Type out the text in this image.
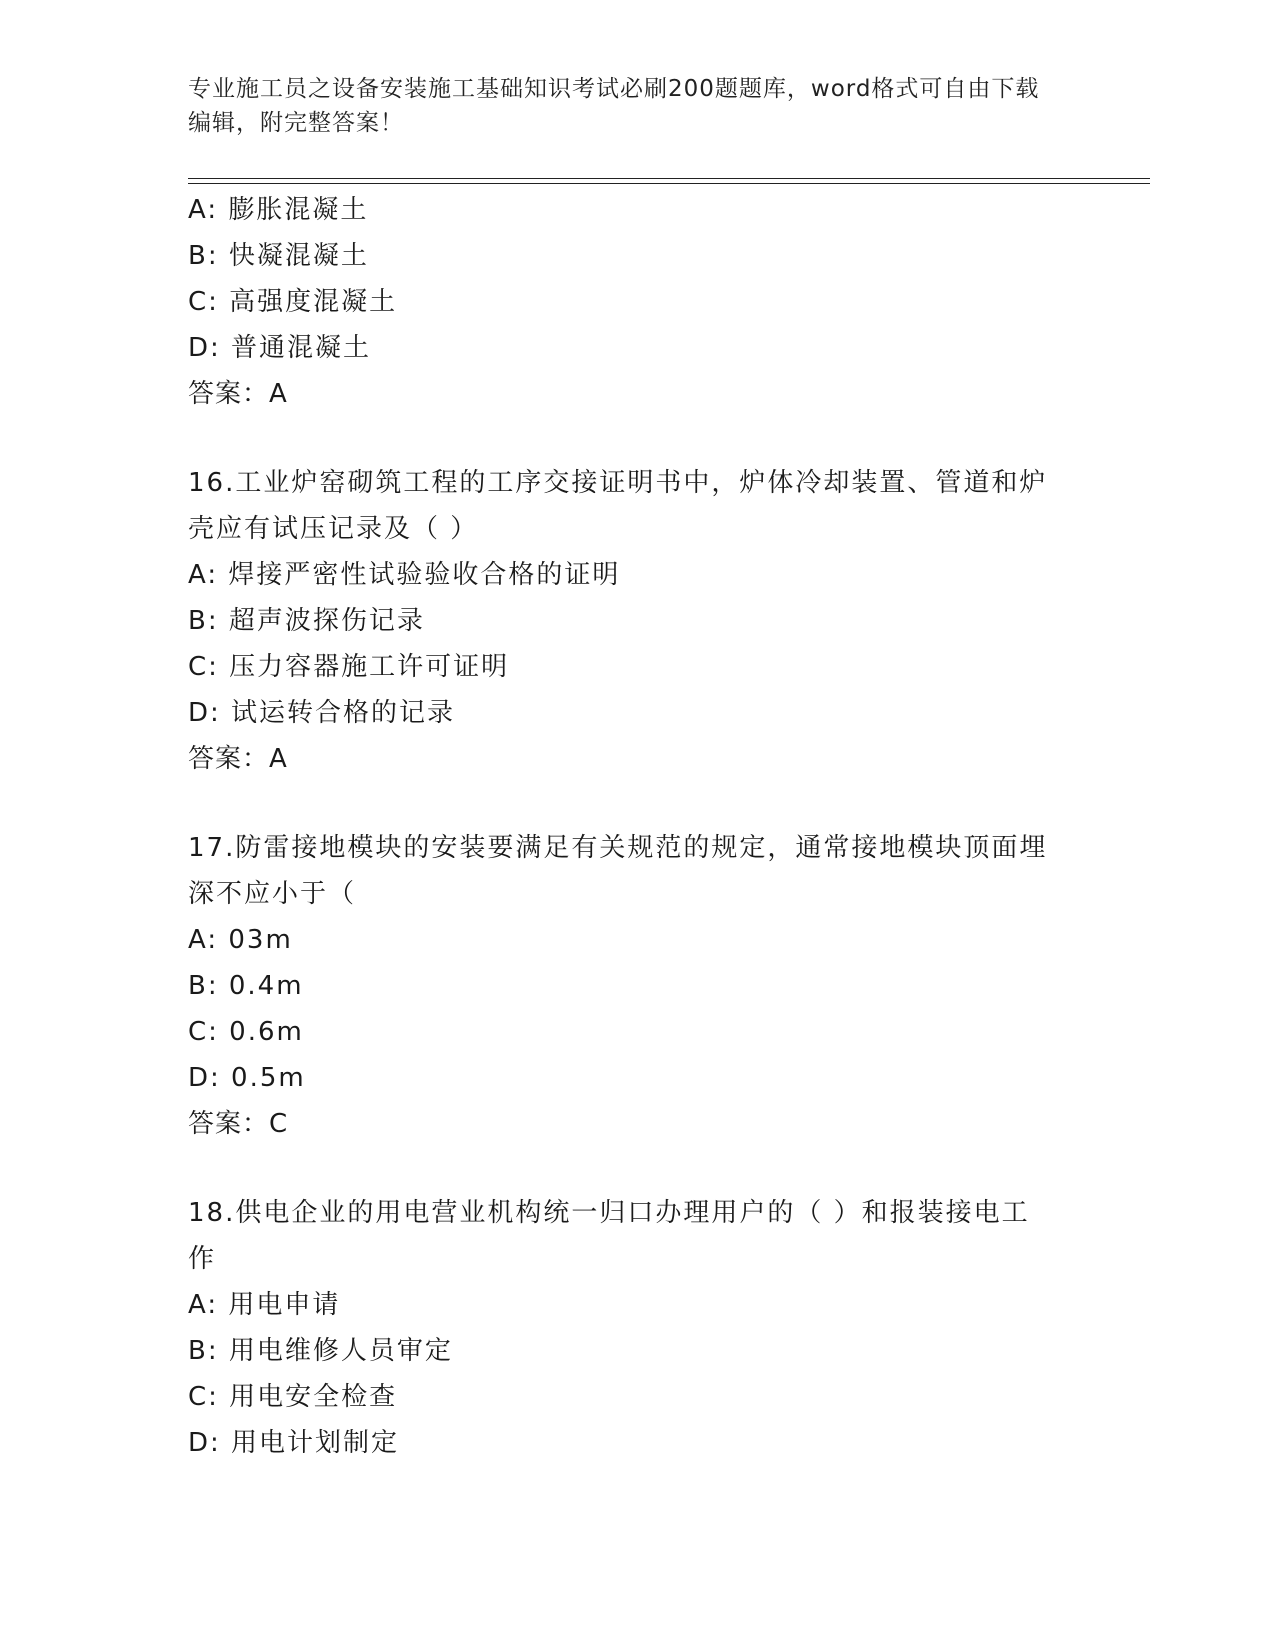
专业施工员之设备安装施工基础知识考试必刷200题题库，word格式可自由下载
编辑，附完整答案！
A: 膨胀混凝土
B: 快凝混凝土
C: 高强度混凝土
D: 普通混凝土
答案：A
16.工业炉窑砌筑工程的工序交接证明书中，炉体冷却装置、管道和炉
壳应有试压记录及（ ）
A: 焊接严密性试验验收合格的证明
B: 超声波探伤记录
C: 压力容器施工许可证明
D: 试运转合格的记录
答案：A
17.防雷接地模块的安装要满足有关规范的规定，通常接地模块顶面埋
深不应小于（
A: 03m
B: 0.4m
C: 0.6m
D: 0.5m
答案：C
18.供电企业的用电营业机构统一归口办理用户的（ ）和报装接电工
作
A: 用电申请
B: 用电维修人员审定
C: 用电安全检查
D: 用电计划制定
